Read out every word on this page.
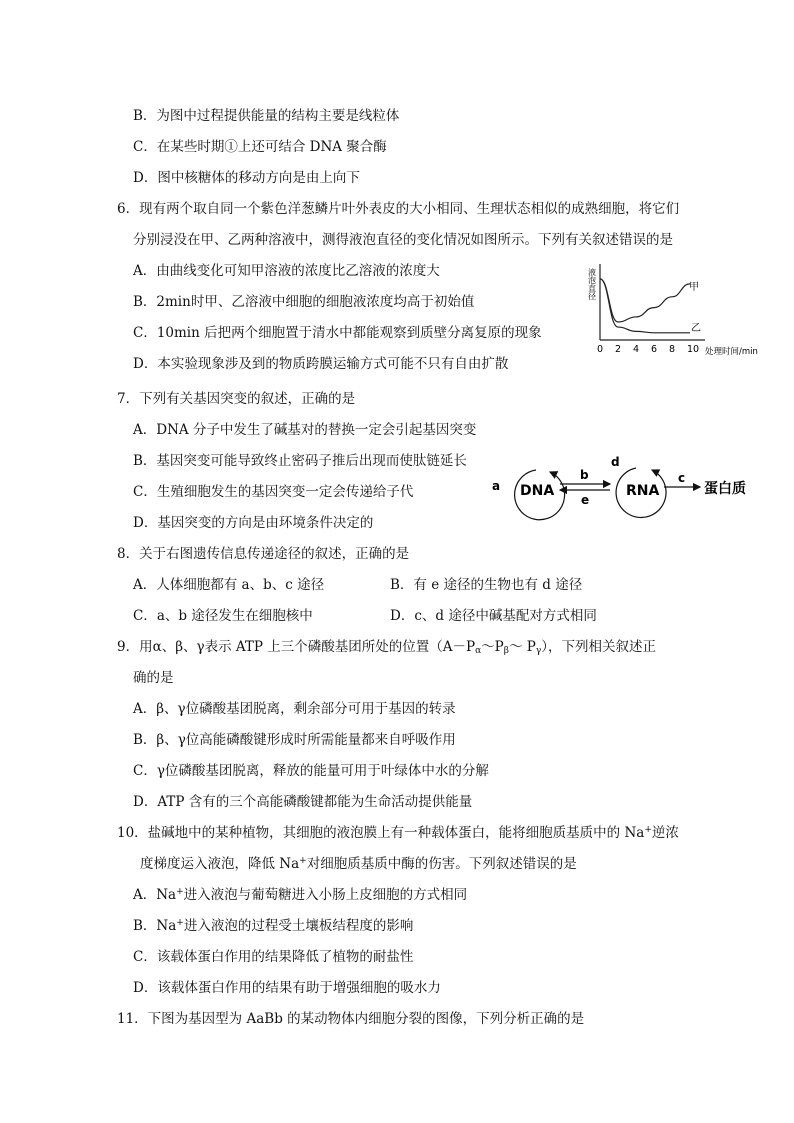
B．为图中过程提供能量的结构主要是线粒体
C．在某些时期①上还可结合 DNA 聚合酶
D．图中核糖体的移动方向是由上向下
6．现有两个取自同一个紫色洋葱鳞片叶外表皮的大小相同、生理状态相似的成熟细胞，将它们
分别浸没在甲、乙两种溶液中，测得液泡直径的变化情况如图所示。下列有关叙述错误的是
A．由曲线变化可知甲溶液的浓度比乙溶液的浓度大
B．2min时甲、乙溶液中细胞的细胞液浓度均高于初始值
C．10min 后把两个细胞置于清水中都能观察到质壁分离复原的现象
D．本实验现象涉及到的物质跨膜运输方式可能不只有自由扩散
液泡直径
0 2 4 6 8 10
甲
乙
处理时间/min
7．下列有关基因突变的叙述，正确的是
A．DNA 分子中发生了碱基对的替换一定会引起基因突变
B．基因突变可能导致终止密码子推后出现而使肽链延长
C．生殖细胞发生的基因突变一定会传递给子代
D．基因突变的方向是由环境条件决定的
a DNA
b
e
d
RNA
c
蛋白质
8．关于右图遗传信息传递途径的叙述，正确的是
A．人体细胞都有 a、b、c 途径	B．有 e 途径的生物也有 d 途径
C．a、b 途径发生在细胞核中	D．c、d 途径中碱基配对方式相同
9．用α、β、γ表示 ATP 上三个磷酸基团所处的位置（$A-P_\alpha\sim P_\beta\sim$ $P_\gamma$），下列相关叙述正
确的是
A．β、γ位磷酸基团脱离，剩余部分可用于基因的转录
B．β、γ位高能磷酸键形成时所需能量都来自呼吸作用
C．γ位磷酸基团脱离，释放的能量可用于叶绿体中水的分解
D．ATP 含有的三个高能磷酸键都能为生命活动提供能量
10．盐碱地中的某种植物，其细胞的液泡膜上有一种载体蛋白，能将细胞质基质中的 Na+逆浓
度梯度运入液泡，降低 Na+对细胞质基质中酶的伤害。下列叙述错误的是
A．Na+进入液泡与葡萄糖进入小肠上皮细胞的方式相同
B．Na+进入液泡的过程受土壤板结程度的影响
C．该载体蛋白作用的结果降低了植物的耐盐性
D．该载体蛋白作用的结果有助于增强细胞的吸水力
11．下图为基因型为 AaBb 的某动物体内细胞分裂的图像，下列分析正确的是
